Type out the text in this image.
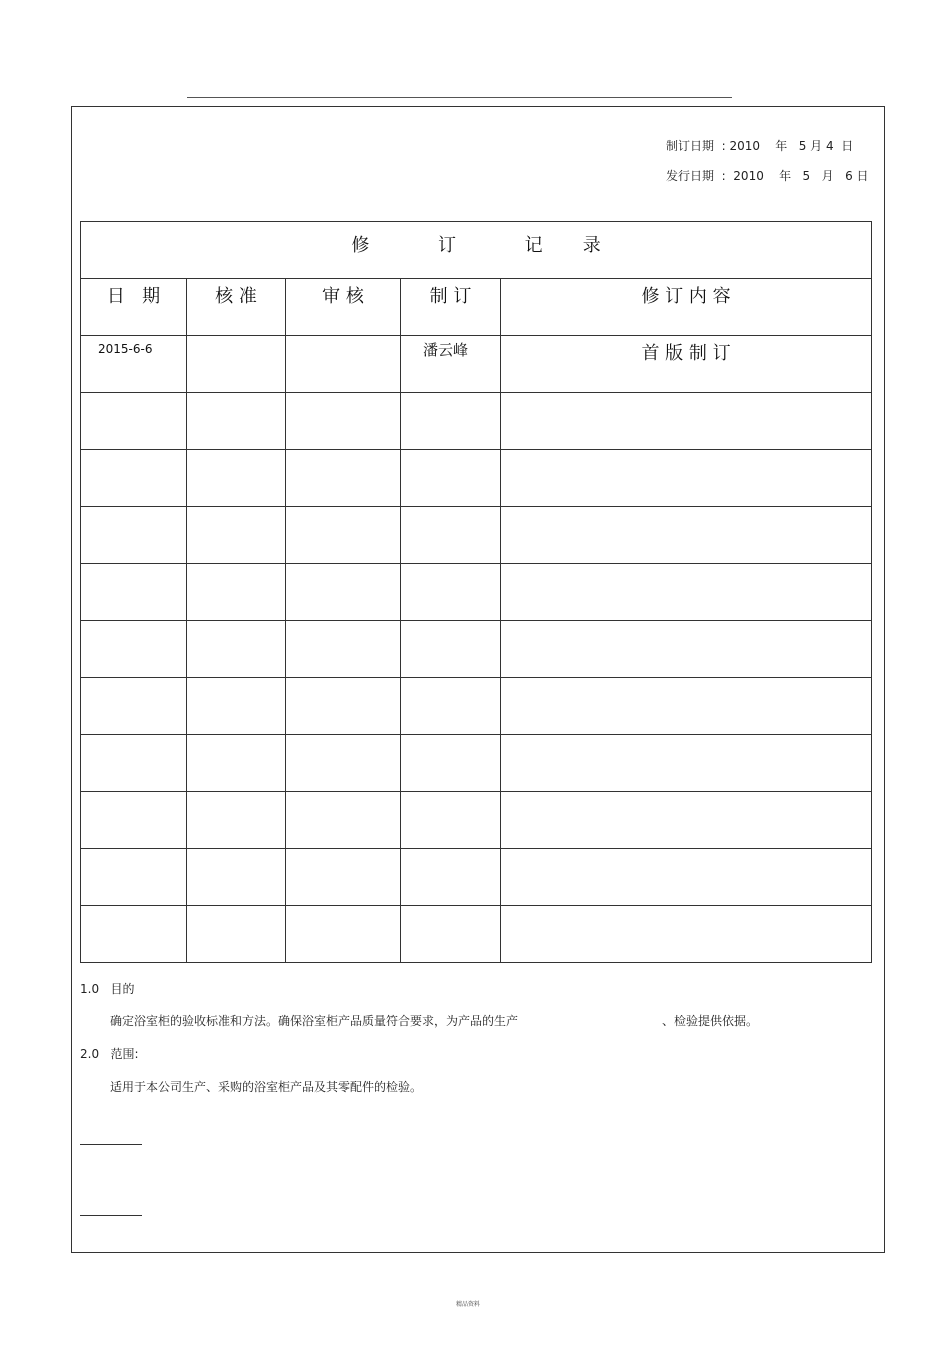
制订日期  : 2010    年   5 月 4  日
发行日期  :  2010    年   5   月   6 日
修            订            记       录				

日   期	核 准	审 核	制 订	修 订 内 容

2015-6-6			潘云峰	首 版 制 订

1.0   目的
确定浴室柜的验收标准和方法。确保浴室柜产品质量符合要求，为产品的生产	、检验提供依据。
2.0   范围:
适用于本公司生产、采购的浴室柜产品及其零配件的检验。
精品资料
